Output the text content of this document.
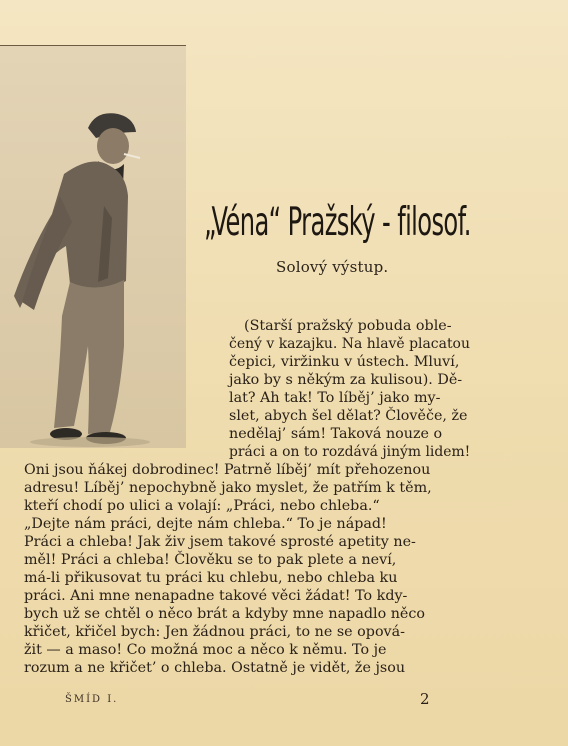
„Véna“ Pražský - filosof.
Solový výstup.
(Starší pražský pobuda oble-
čený v kazajku. Na hlavě placatou
čepici, viržinku v ústech. Mluví,
jako by s někým za kulisou). Dě-
lat? Ah tak! To líběj’ jako my-
slet, abych šel dělat? Člověče, že
nedělaj’ sám! Taková nouze o
práci a on to rozdává jiným lidem!
Oni jsou ňákej dobrodinec! Patrně líběj’ mít přehozenou
adresu! Líběj’ nepochybně jako myslet, že patřím k těm,
kteří chodí po ulici a volají: „Práci, nebo chleba.“
„Dejte nám práci, dejte nám chleba.“ To je nápad!
Práci a chleba! Jak živ jsem takové sprosté apetity ne-
měl! Práci a chleba! Člověku se to pak plete a neví,
má-li přikusovat tu práci ku chlebu, nebo chleba ku
práci. Ani mne nenapadne takové věci žádat! To kdy-
bych už se chtěl o něco brát a kdyby mne napadlo něco
křičet, křičel bych: Jen žádnou práci, to ne se opová-
žit — a maso! Co možná moc a něco k němu. To je
rozum a ne křičet’ o chleba. Ostatně je vidět, že jsou
ŠMÍD I.	2
